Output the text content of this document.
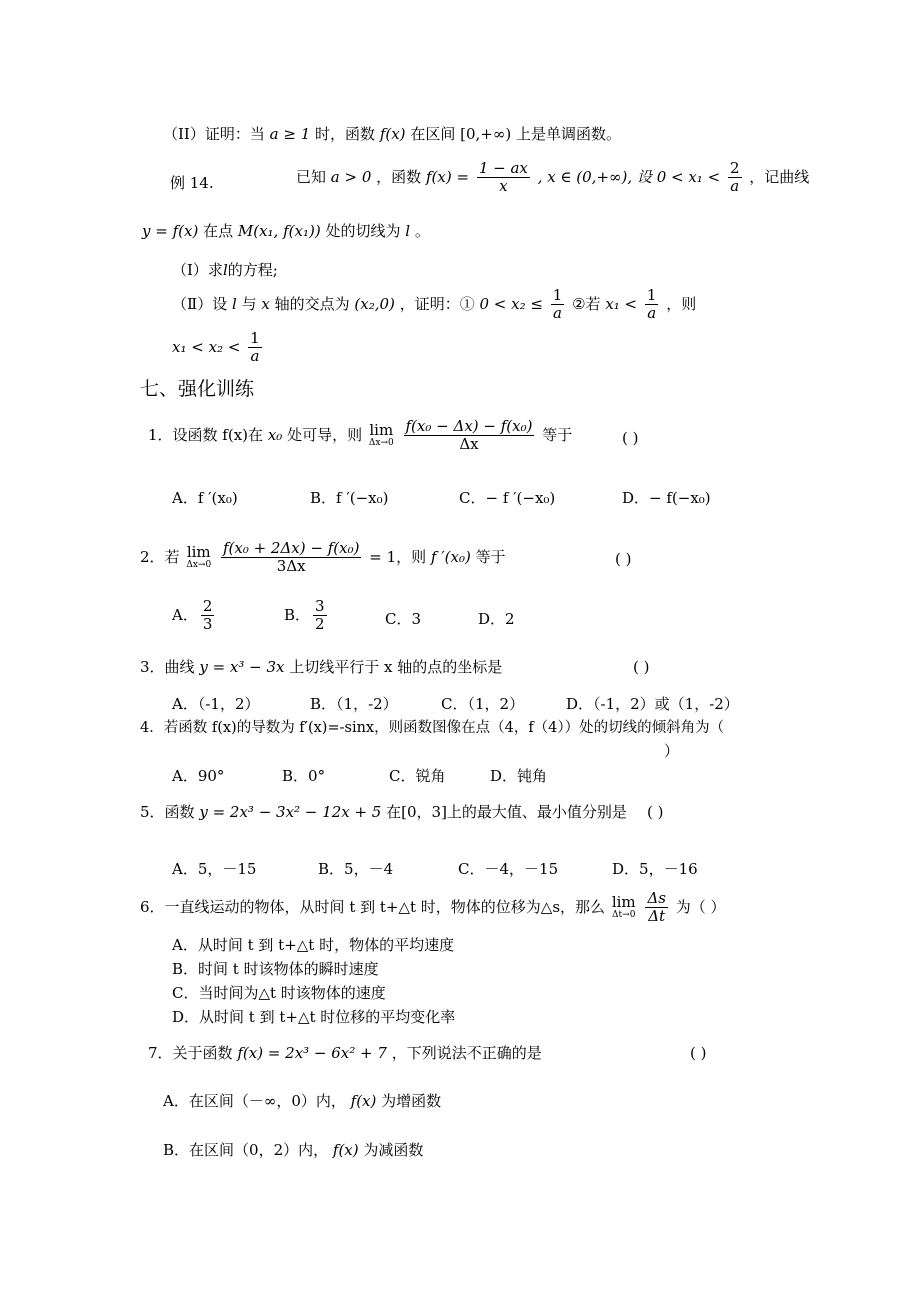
（II）证明：当 a ≥ 1 时，函数 f(x) 在区间 [0,+∞) 上是单调函数。
例 14.	已知 a > 0 ，函数 $f(x) = \frac{1 - ax}{x}$ , x ∈ (0,+∞), 设 $0 < x_1 < \frac{2}{a}$ ，记曲线
y = f(x) 在点 M(x₁, f(x₁)) 处的切线为 l 。
（Ⅰ）求l的方程;
（Ⅱ）设 l 与 x 轴的交点为 (x₂,0) ，证明：① $0 < x_2 \le \frac{1}{a}$ ②若 $x_1 < \frac{1}{a}$ ，则
$x_1 < x_2 < \frac{1}{a}$
七、强化训练
1．设函数 f(x)在 x₀ 处可导，则 lim
Δx→0
$\frac{\text{f(x₀ − Δx) − f(x₀)}}{\Delta x}$ 等于	( )
A．f ′(x₀)	B．f ′(−x₀)	C．− f ′(−x₀)	D．− f(−x₀)
2．若 lim
Δx→0
$\frac{\text{f(x₀ + 2Δx) − f(x₀)}}{3\Delta x} = 1$，则 f ′(x₀) 等于	( )
A． $\frac{2}{3}$	B． $\frac{3}{2}$	C．3	D．2
3．曲线 y = x³ − 3x 上切线平行于 x 轴的点的坐标是	( )
A．（-1，2）	B．（1，-2）	C．（1，2）	D．（-1，2）或（1，-2）
4．若函数 f(x)的导数为 f′(x)=-sinx，则函数图像在点（4，f（4））处的切线的倾斜角为（
）
A．90°	B．0°	C．锐角	D．钝角
5．函数 y = 2x³ − 3x² − 12x + 5 在[0，3]上的最大值、最小值分别是 ( )
A．5，－15	B．5，－4	C．－4，－15	D．5，－16
6．一直线运动的物体，从时间 t 到 t+△t 时，物体的位移为△s，那么 lim
Δt→0
$\frac{\Delta s}{\Delta t}$ 为（ ）
A．从时间 t 到 t+△t 时，物体的平均速度
B．时间 t 时该物体的瞬时速度
C．当时间为△t 时该物体的速度
D．从时间 t 到 t+△t 时位移的平均变化率
7．关于函数 f(x) = 2x³ − 6x² + 7 ，下列说法不正确的是	( )
A．在区间（－∞，0）内， f(x) 为增函数
B．在区间（0，2）内， f(x) 为减函数
